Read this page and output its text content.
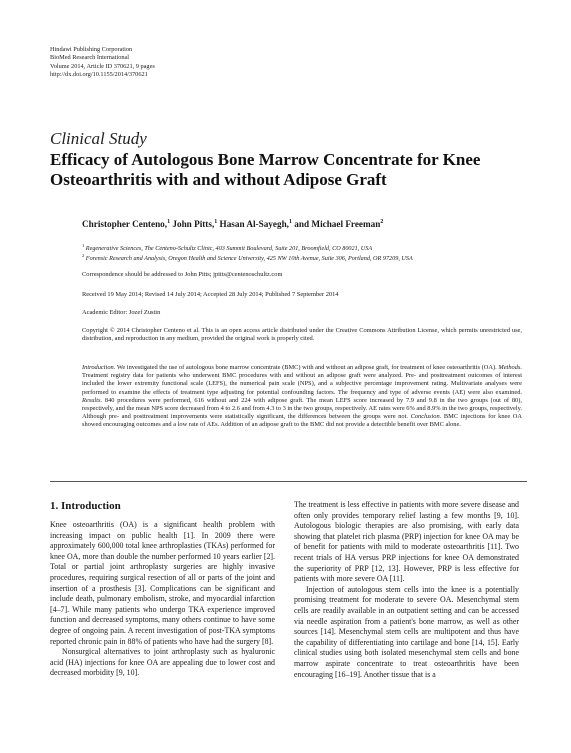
Hindawi Publishing Corporation
BioMed Research International
Volume 2014, Article ID 370621, 9 pages
http://dx.doi.org/10.1155/2014/370621
Clinical Study
Efficacy of Autologous Bone Marrow Concentrate for Knee Osteoarthritis with and without Adipose Graft
Christopher Centeno,$^1$ John Pitts,$^1$ Hasan Al-Sayegh,$^1$ and Michael Freeman$^2$
$^1$ Regenerative Sciences, The Centeno-Schultz Clinic, 403 Summit Boulevard, Suite 201, Broomfield, CO 80021, USA
$^2$ Forensic Research and Analysis, Oregon Health and Science University, 425 NW 10th Avenue, Suite 306, Portland, OR 97209, USA
Correspondence should be addressed to John Pitts; jpitts@centenoschultz.com
Received 19 May 2014; Revised 14 July 2014; Accepted 28 July 2014; Published 7 September 2014
Academic Editor: Jozef Zustin
Copyright © 2014 Christopher Centeno et al. This is an open access article distributed under the Creative Commons Attribution License, which permits unrestricted use, distribution, and reproduction in any medium, provided the original work is properly cited.
Introduction. We investigated the use of autologous bone marrow concentrate (BMC) with and without an adipose graft, for treatment of knee osteoarthritis (OA). Methods. Treatment registry data for patients who underwent BMC procedures with and without an adipose graft were analyzed. Pre- and posttreatment outcomes of interest included the lower extremity functional scale (LEFS), the numerical pain scale (NPS), and a subjective percentage improvement rating. Multivariate analyses were performed to examine the effects of treatment type adjusting for potential confounding factors. The frequency and type of adverse events (AE) were also examined. Results. 840 procedures were performed, 616 without and 224 with adipose graft. The mean LEFS score increased by 7.9 and 9.8 in the two groups (out of 80), respectively, and the mean NPS score decreased from 4 to 2.6 and from 4.3 to 3 in the two groups, respectively. AE rates were 6% and 8.9% in the two groups, respectively. Although pre- and posttreatment improvements were statistically significant, the differences between the groups were not. Conclusion. BMC injections for knee OA showed encouraging outcomes and a low rate of AEs. Addition of an adipose graft to the BMC did not provide a detectible benefit over BMC alone.
1. Introduction

Knee osteoarthritis (OA) is a significant health problem with increasing impact on public health [1]. In 2009 there were approximately 600,000 total knee arthroplasties (TKAs) performed for knee OA, more than double the number performed 10 years earlier [2]. Total or partial joint arthroplasty surgeries are highly invasive procedures, requiring surgical resection of all or parts of the joint and insertion of a prosthesis [3]. Complications can be significant and include death, pulmonary embolism, stroke, and myocardial infarction [4–7]. While many patients who undergo TKA experience improved function and decreased symptoms, many others continue to have some degree of ongoing pain. A recent investigation of post-TKA symptoms reported chronic pain in 88% of patients who have had the surgery [8].

Nonsurgical alternatives to joint arthroplasty such as hyaluronic acid (HA) injections for knee OA are appealing due to lower cost and decreased morbidity [9, 10].

The treatment is less effective in patients with more severe disease and often only provides temporary relief lasting a few months [9, 10]. Autologous biologic therapies are also promising, with early data showing that platelet rich plasma (PRP) injection for knee OA may be of benefit for patients with mild to moderate osteoarthritis [11]. Two recent trials of HA versus PRP injections for knee OA demonstrated the superiority of PRP [12, 13]. However, PRP is less effective for patients with more severe OA [11].

Injection of autologous stem cells into the knee is a potentially promising treatment for moderate to severe OA. Mesenchymal stem cells are readily available in an outpatient setting and can be accessed via needle aspiration from a patient's bone marrow, as well as other sources [14]. Mesenchymal stem cells are multipotent and thus have the capability of differentiating into cartilage and bone [14, 15]. Early clinical studies using both isolated mesenchymal stem cells and bone marrow aspirate concentrate to treat osteoarthritis have been encouraging [16–19]. Another tissue that is a
